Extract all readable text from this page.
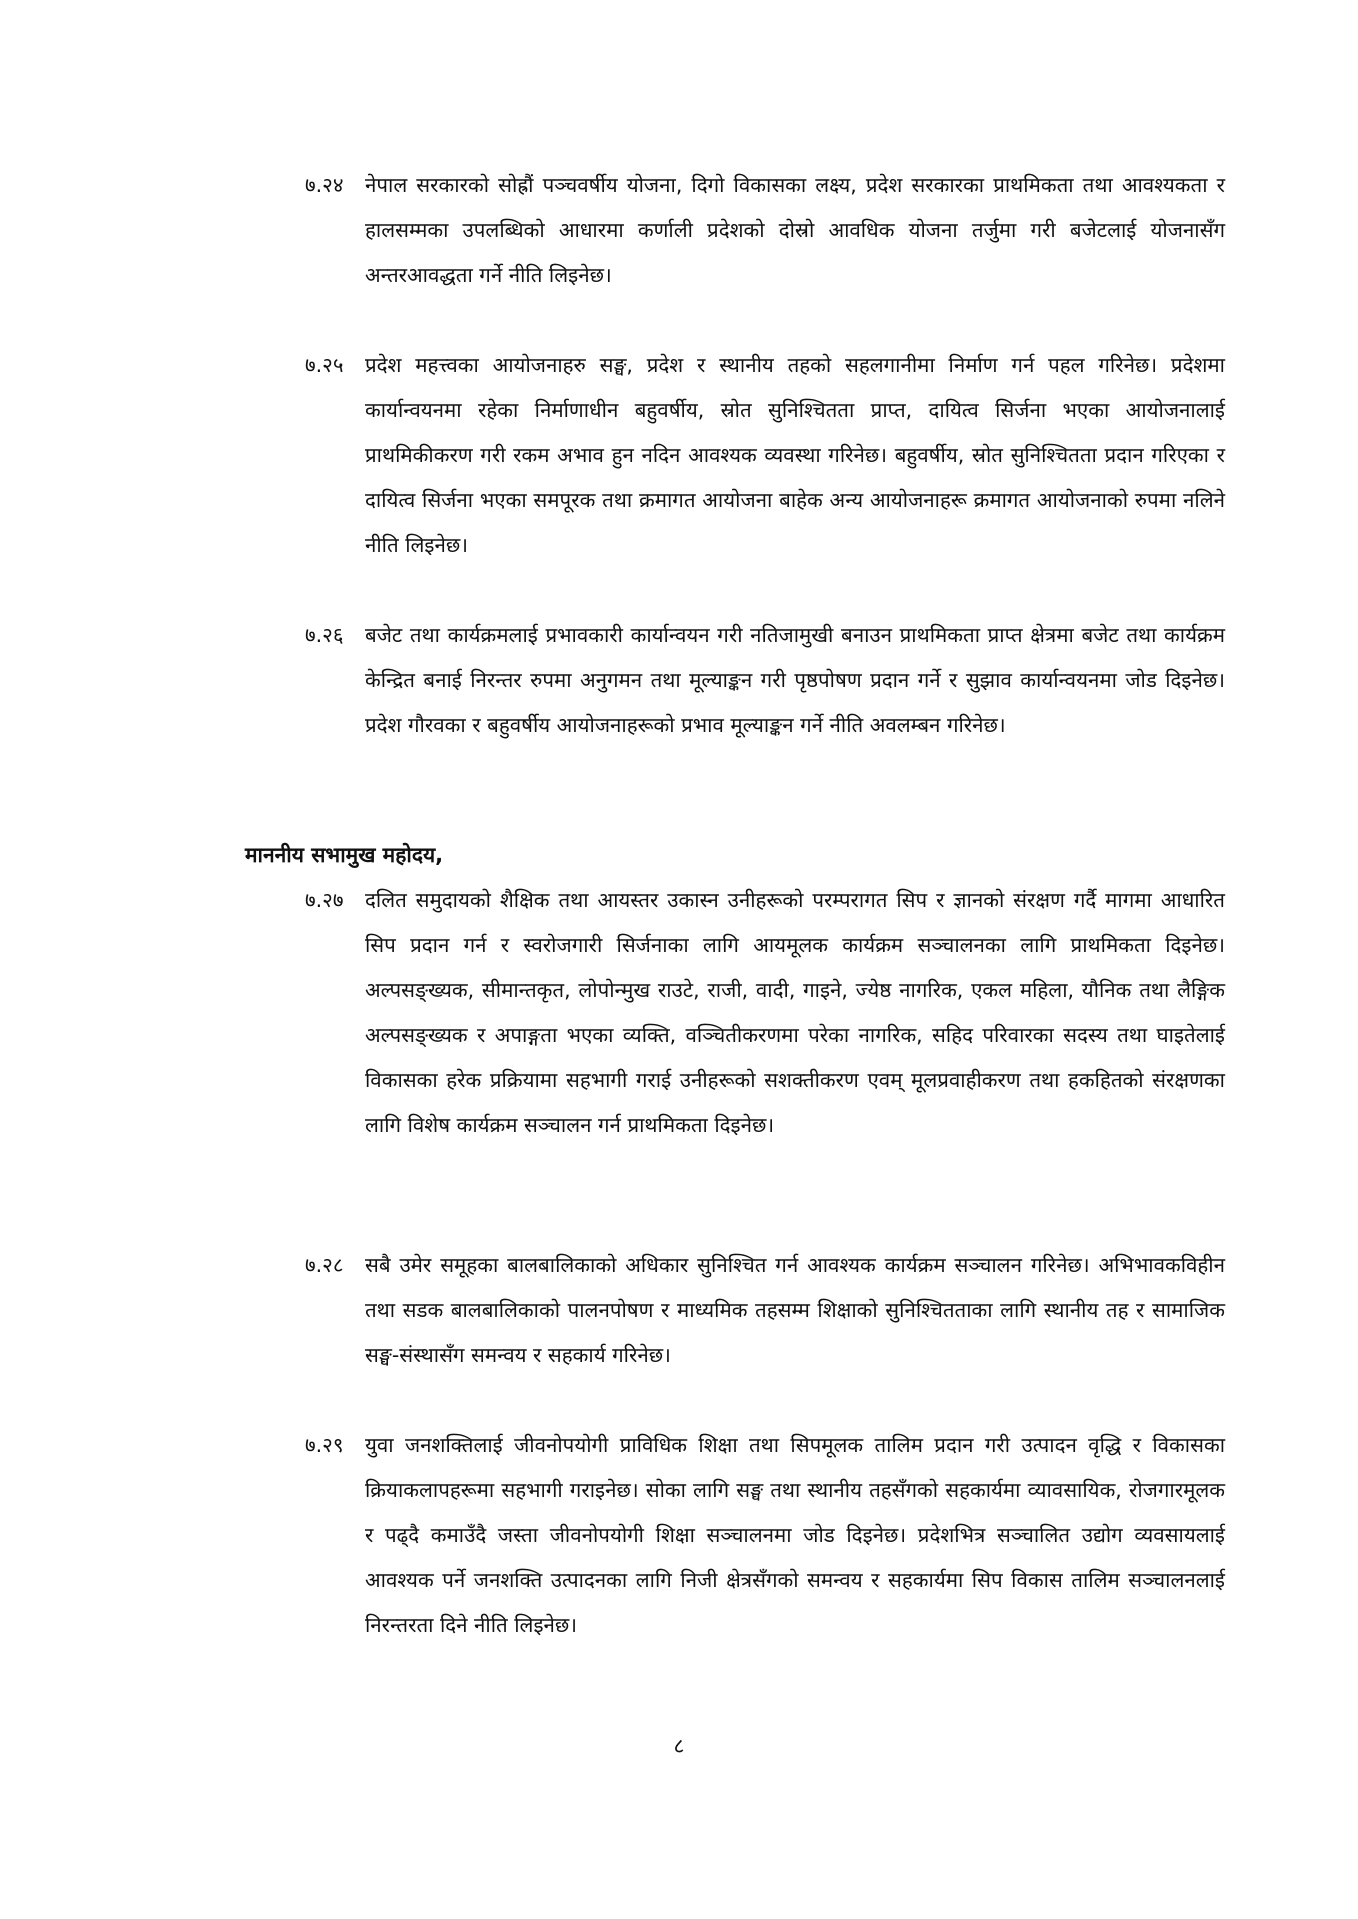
७.२४	नेपाल सरकारको सोह्रौं पञ्चवर्षीय योजना, दिगो विकासका लक्ष्य, प्रदेश सरकारका प्राथमिकता तथा आवश्यकता र हालसम्मका उपलब्धिको आधारमा कर्णाली प्रदेशको दोस्रो आवधिक योजना तर्जुमा गरी बजेटलाई योजनासँग अन्तरआवद्धता गर्ने नीति लिइनेछ।
७.२५	प्रदेश महत्त्वका आयोजनाहरु सङ्घ, प्रदेश र स्थानीय तहको सहलगानीमा निर्माण गर्न पहल गरिनेछ। प्रदेशमा कार्यान्वयनमा रहेका निर्माणाधीन बहुवर्षीय, स्रोत सुनिश्चितता प्राप्त, दायित्व सिर्जना भएका आयोजनालाई प्राथमिकीकरण गरी रकम अभाव हुन नदिन आवश्यक व्यवस्था गरिनेछ। बहुवर्षीय, स्रोत सुनिश्चितता प्रदान गरिएका र दायित्व सिर्जना भएका समपूरक तथा क्रमागत आयोजना बाहेक अन्य आयोजनाहरू क्रमागत आयोजनाको रुपमा नलिने नीति लिइनेछ।
७.२६	बजेट तथा कार्यक्रमलाई प्रभावकारी कार्यान्वयन गरी नतिजामुखी बनाउन प्राथमिकता प्राप्त क्षेत्रमा बजेट तथा कार्यक्रम केन्द्रित बनाई निरन्तर रुपमा अनुगमन तथा मूल्याङ्कन गरी पृष्ठपोषण प्रदान गर्ने र सुझाव कार्यान्वयनमा जोड दिइनेछ। प्रदेश गौरवका र बहुवर्षीय आयोजनाहरूको प्रभाव मूल्याङ्कन गर्ने नीति अवलम्बन गरिनेछ।
माननीय सभामुख महोदय,
७.२७	दलित समुदायको शैक्षिक तथा आयस्तर उकास्न उनीहरूको परम्परागत सिप र ज्ञानको संरक्षण गर्दै मागमा आधारित सिप प्रदान गर्न र स्वरोजगारी सिर्जनाका लागि आयमूलक कार्यक्रम सञ्चालनका लागि प्राथमिकता दिइनेछ। अल्पसङ्ख्यक, सीमान्तकृत, लोपोन्मुख राउटे, राजी, वादी, गाइने, ज्येष्ठ नागरिक, एकल महिला, यौनिक तथा लैङ्गिक अल्पसङ्ख्यक र अपाङ्गता भएका व्यक्ति, वञ्चितीकरणमा परेका नागरिक, सहिद परिवारका सदस्य तथा घाइतेलाई विकासका हरेक प्रक्रियामा सहभागी गराई उनीहरूको सशक्तीकरण एवम् मूलप्रवाहीकरण तथा हकहितको संरक्षणका लागि विशेष कार्यक्रम सञ्चालन गर्न प्राथमिकता दिइनेछ।
७.२८	सबै उमेर समूहका बालबालिकाको अधिकार सुनिश्चित गर्न आवश्यक कार्यक्रम सञ्चालन गरिनेछ। अभिभावकविहीन तथा सडक बालबालिकाको पालनपोषण र माध्यमिक तहसम्म शिक्षाको सुनिश्चितताका लागि स्थानीय तह र सामाजिक सङ्घ-संस्थासँग समन्वय र सहकार्य गरिनेछ।
७.२९	युवा जनशक्तिलाई जीवनोपयोगी प्राविधिक शिक्षा तथा सिपमूलक तालिम प्रदान गरी उत्पादन वृद्धि र विकासका क्रियाकलापहरूमा सहभागी गराइनेछ। सोका लागि सङ्घ तथा स्थानीय तहसँगको सहकार्यमा व्यावसायिक, रोजगारमूलक र पढ्दै कमाउँदै जस्ता जीवनोपयोगी शिक्षा सञ्चालनमा जोड दिइनेछ। प्रदेशभित्र सञ्चालित उद्योग व्यवसायलाई आवश्यक पर्ने जनशक्ति उत्पादनका लागि निजी क्षेत्रसँगको समन्वय र सहकार्यमा सिप विकास तालिम सञ्चालनलाई निरन्तरता दिने नीति लिइनेछ।
८
